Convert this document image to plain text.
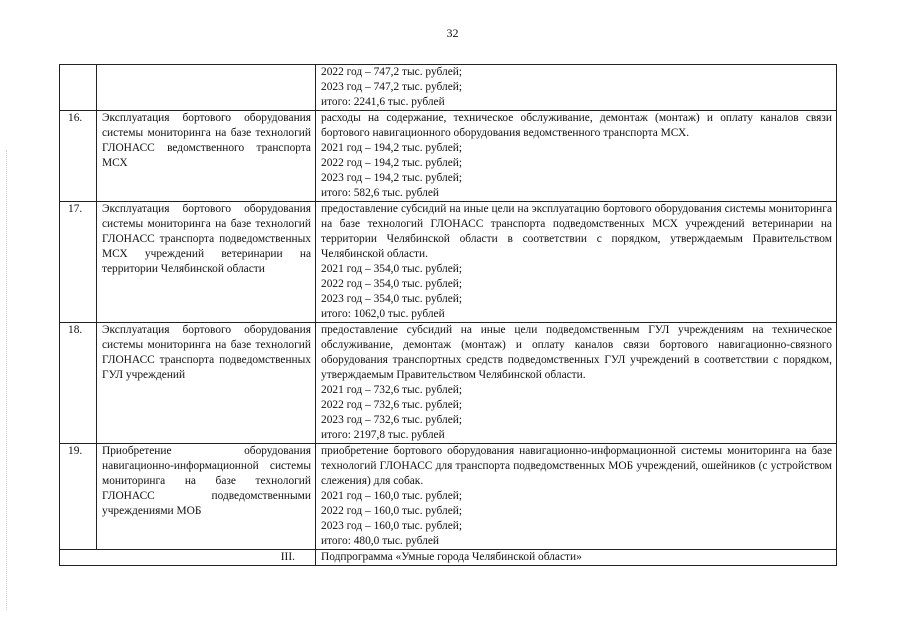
32

		2022 год – 747,2 тыс. рублей;
2023 год – 747,2 тыс. рублей;
итого: 2241,6 тыс. рублей

16.	Эксплуатация бортового оборудования системы мониторинга на базе технологий ГЛОНАСС ведомственного транспорта МСХ	расходы на содержание, техническое обслуживание, демонтаж (монтаж) и оплату каналов связи бортового навигационного оборудования ведомственного транспорта МСХ.
2021 год – 194,2 тыс. рублей;
2022 год – 194,2 тыс. рублей;
2023 год – 194,2 тыс. рублей;
итого: 582,6 тыс. рублей

17.	Эксплуатация бортового оборудования системы мониторинга на базе технологий ГЛОНАСС транспорта подведомственных МСХ учреждений ветеринарии на территории Челябинской области	предоставление субсидий на иные цели на эксплуатацию бортового оборудования системы мониторинга на базе технологий ГЛОНАСС транспорта подведомственных МСХ учреждений ветеринарии на территории Челябинской области в соответствии с порядком, утверждаемым Правительством Челябинской области.
2021 год – 354,0 тыс. рублей;
2022 год – 354,0 тыс. рублей;
2023 год – 354,0 тыс. рублей;
итого: 1062,0 тыс. рублей

18.	Эксплуатация бортового оборудования системы мониторинга на базе технологий ГЛОНАСС транспорта подведомственных ГУЛ учреждений	предоставление субсидий на иные цели подведомственным ГУЛ учреждениям на техническое обслуживание, демонтаж (монтаж) и оплату каналов связи бортового навигационно-связного оборудования транспортных средств подведомственных ГУЛ учреждений в соответствии с порядком, утверждаемым Правительством Челябинской области.
2021 год – 732,6 тыс. рублей;
2022 год – 732,6 тыс. рублей;
2023 год – 732,6 тыс. рублей;
итого: 2197,8 тыс. рублей

19.	Приобретение оборудования навигационно-информационной системы мониторинга на базе технологий ГЛОНАСС подведомственными учреждениями МОБ	приобретение бортового оборудования навигационно-информационной системы мониторинга на базе технологий ГЛОНАСС для транспорта подведомственных МОБ учреждений, ошейников (с устройством слежения) для собак.
2021 год – 160,0 тыс. рублей;
2022 год – 160,0 тыс. рублей;
2023 год – 160,0 тыс. рублей;
итого: 480,0 тыс. рублей

III.		Подпрограмма «Умные города Челябинской области»
